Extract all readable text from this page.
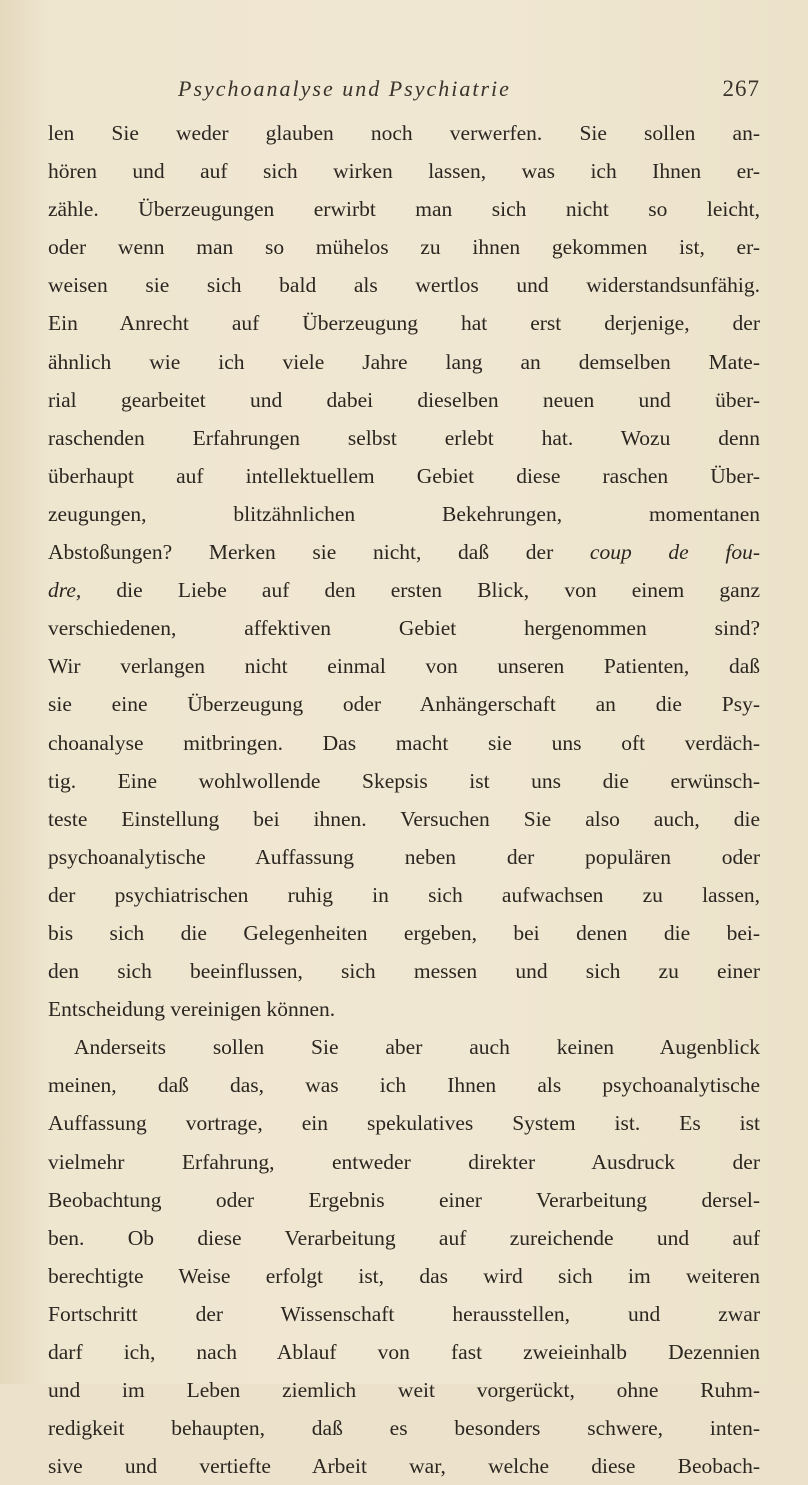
Psychoanalyse und Psychiatrie	267
len Sie weder glauben noch verwerfen. Sie sollen an-
hören und auf sich wirken lassen, was ich Ihnen er-
zähle. Überzeugungen erwirbt man sich nicht so leicht,
oder wenn man so mühelos zu ihnen gekommen ist, er-
weisen sie sich bald als wertlos und widerstandsunfähig.
Ein Anrecht auf Überzeugung hat erst derjenige, der
ähnlich wie ich viele Jahre lang an demselben Mate-
rial gearbeitet und dabei dieselben neuen und über-
raschenden Erfahrungen selbst erlebt hat. Wozu denn
überhaupt auf intellektuellem Gebiet diese raschen Über-
zeugungen, blitzähnlichen Bekehrungen, momentanen
Abstoßungen? Merken sie nicht, daß der coup de fou-
dre, die Liebe auf den ersten Blick, von einem ganz
verschiedenen, affektiven Gebiet hergenommen sind?
Wir verlangen nicht einmal von unseren Patienten, daß
sie eine Überzeugung oder Anhängerschaft an die Psy-
choanalyse mitbringen. Das macht sie uns oft verdäch-
tig. Eine wohlwollende Skepsis ist uns die erwünsch-
teste Einstellung bei ihnen. Versuchen Sie also auch, die
psychoanalytische Auffassung neben der populären oder
der psychiatrischen ruhig in sich aufwachsen zu lassen,
bis sich die Gelegenheiten ergeben, bei denen die bei-
den sich beeinflussen, sich messen und sich zu einer
Entscheidung vereinigen können.
Anderseits sollen Sie aber auch keinen Augenblick
meinen, daß das, was ich Ihnen als psychoanalytische
Auffassung vortrage, ein spekulatives System ist. Es ist
vielmehr Erfahrung, entweder direkter Ausdruck der
Beobachtung oder Ergebnis einer Verarbeitung dersel-
ben. Ob diese Verarbeitung auf zureichende und auf
berechtigte Weise erfolgt ist, das wird sich im weiteren
Fortschritt der Wissenschaft herausstellen, und zwar
darf ich, nach Ablauf von fast zweieinhalb Dezennien
und im Leben ziemlich weit vorgerückt, ohne Ruhm-
redigkeit behaupten, daß es besonders schwere, inten-
sive und vertiefte Arbeit war, welche diese Beobach-
